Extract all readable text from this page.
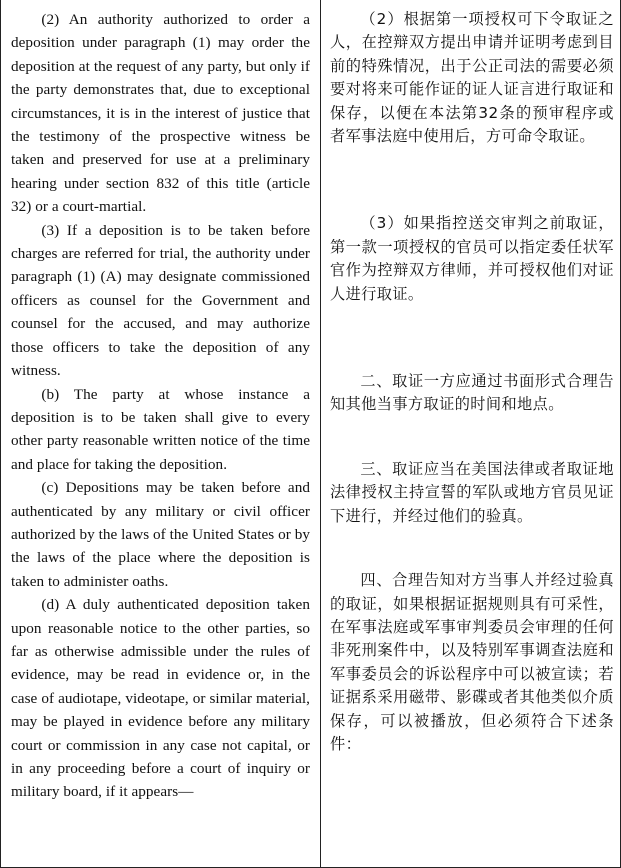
(2) An authority authorized to order a deposition under paragraph (1) may order the deposition at the request of any party, but only if the party demonstrates that, due to exceptional circumstances, it is in the interest of justice that the testimony of the prospective witness be taken and preserved for use at a preliminary hearing under section 832 of this title (article 32) or a court-martial.

(3) If a deposition is to be taken before charges are referred for trial, the authority under paragraph (1) (A) may designate commissioned officers as counsel for the Government and counsel for the accused, and may authorize those officers to take the deposition of any witness.

(b) The party at whose instance a deposition is to be taken shall give to every other party reasonable written notice of the time and place for taking the deposition.

(c) Depositions may be taken before and authenticated by any military or civil officer authorized by the laws of the United States or by the laws of the place where the deposition is taken to administer oaths.

(d) A duly authenticated deposition taken upon reasonable notice to the other parties, so far as otherwise admissible under the rules of evidence, may be read in evidence or, in the case of audiotape, videotape, or similar material, may be played in evidence before any military court or commission in any case not capital, or in any proceeding before a court of inquiry or military board, if it appears—

（2）根据第一项授权可下令取证之人，在控辩双方提出申请并证明考虑到目前的特殊情况，出于公正司法的需要必须要对将来可能作证的证人证言进行取证和保存，以便在本法第32条的预审程序或者军事法庭中使用后，方可命令取证。

（3）如果指控送交审判之前取证，第一款一项授权的官员可以指定委任状军官作为控辩双方律师，并可授权他们对证人进行取证。

二、取证一方应通过书面形式合理告知其他当事方取证的时间和地点。

三、取证应当在美国法律或者取证地法律授权主持宣誓的军队或地方官员见证下进行，并经过他们的验真。

四、合理告知对方当事人并经过验真的取证，如果根据证据规则具有可采性，在军事法庭或军事审判委员会审理的任何非死刑案件中，以及特别军事调查法庭和军事委员会的诉讼程序中可以被宣读；若证据系采用磁带、影碟或者其他类似介质保存，可以被播放，但必须符合下述条件：
